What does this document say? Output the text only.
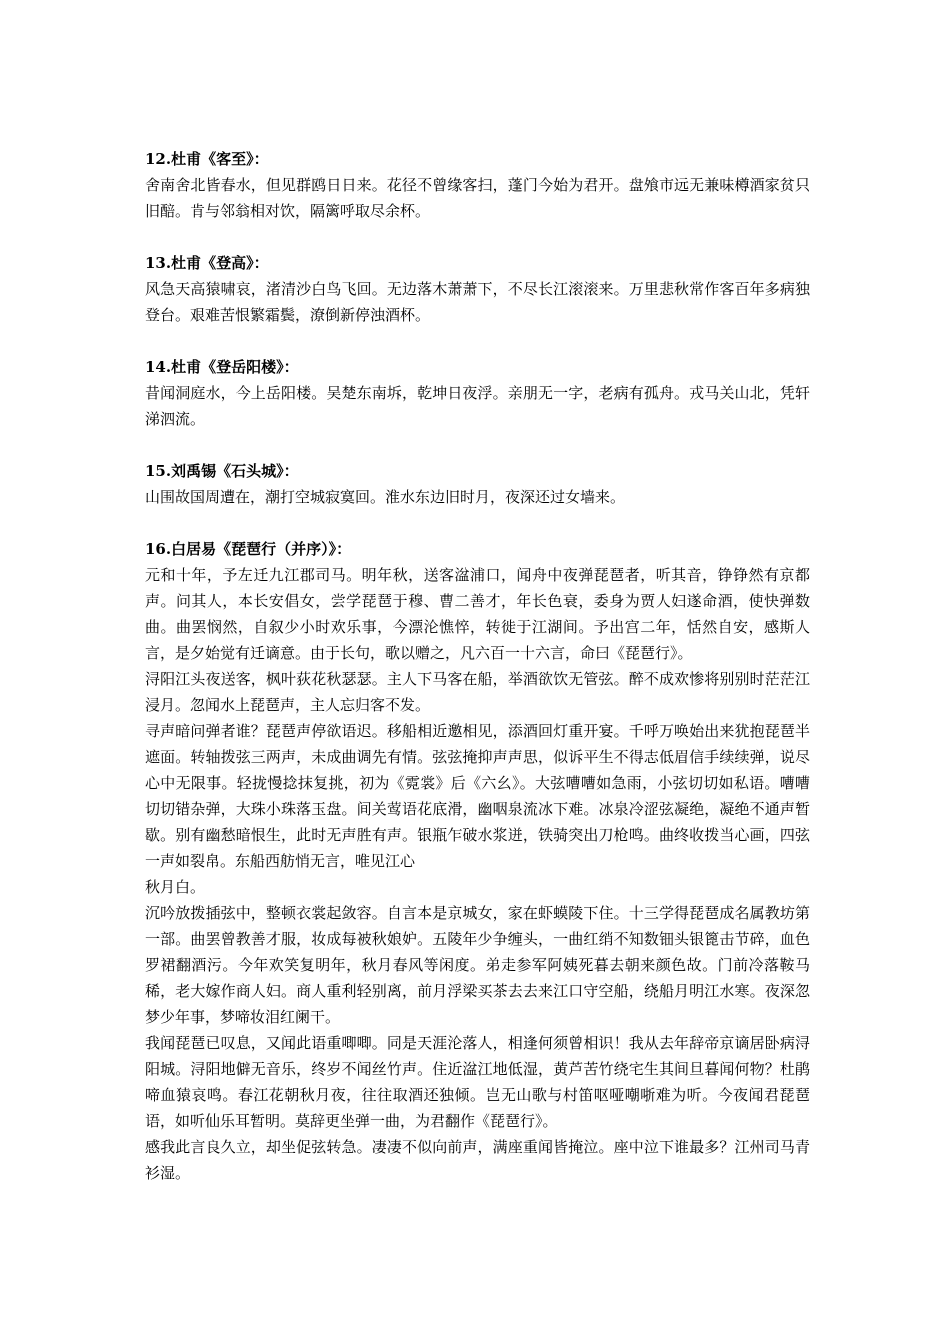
12.杜甫《客至》：
舍南舍北皆春水，但见群鸥日日来。花径不曾缘客扫，蓬门今始为君开。盘飧市远无兼味樽酒家贫只旧醅。肯与邻翁相对饮，隔篱呼取尽余杯。
13.杜甫《登高》：
风急天高猿啸哀，渚清沙白鸟飞回。无边落木萧萧下，不尽长江滚滚来。万里悲秋常作客百年多病独登台。艰难苦恨繁霜鬓，潦倒新停浊酒杯。
14.杜甫《登岳阳楼》：
昔闻洞庭水，今上岳阳楼。吴楚东南坼，乾坤日夜浮。亲朋无一字，老病有孤舟。戎马关山北，凭轩涕泗流。
15.刘禹锡《石头城》：
山围故国周遭在，潮打空城寂寞回。淮水东边旧时月，夜深还过女墙来。
16.白居易《琵琶行（并序）》：
元和十年，予左迁九江郡司马。明年秋，送客湓浦口，闻舟中夜弹琵琶者，听其音，铮铮然有京都声。问其人，本长安倡女，尝学琵琶于穆、曹二善才，年长色衰，委身为贾人妇遂命酒，使快弹数曲。曲罢悯然，自叙少小时欢乐事，今漂沦憔悴，转徙于江湖间。予出宫二年，恬然自安，感斯人言，是夕始觉有迁谪意。由于长句，歌以赠之，凡六百一十六言，命曰《琵琶行》。
浔阳江头夜送客，枫叶荻花秋瑟瑟。主人下马客在船，举酒欲饮无管弦。醉不成欢惨将别别时茫茫江浸月。忽闻水上琵琶声，主人忘归客不发。
寻声暗问弹者谁？琵琶声停欲语迟。移船相近邀相见，添酒回灯重开宴。千呼万唤始出来犹抱琵琶半遮面。转轴拨弦三两声，未成曲调先有情。弦弦掩抑声声思，似诉平生不得志低眉信手续续弹，说尽心中无限事。轻拢慢捻抹复挑，初为《霓裳》后《六幺》。大弦嘈嘈如急雨，小弦切切如私语。嘈嘈切切错杂弹，大珠小珠落玉盘。间关莺语花底滑，幽咽泉流冰下难。冰泉冷涩弦凝绝，凝绝不通声暂歇。别有幽愁暗恨生，此时无声胜有声。银瓶乍破水浆迸，铁骑突出刀枪鸣。曲终收拨当心画，四弦一声如裂帛。东船西舫悄无言，唯见江心
秋月白。
沉吟放拨插弦中，整顿衣裳起敛容。自言本是京城女，家在虾蟆陵下住。十三学得琵琶成名属教坊第一部。曲罢曾教善才服，妆成每被秋娘妒。五陵年少争缠头，一曲红绡不知数钿头银篦击节碎，血色罗裙翻酒污。今年欢笑复明年，秋月春风等闲度。弟走参军阿姨死暮去朝来颜色故。门前冷落鞍马稀，老大嫁作商人妇。商人重利轻别离，前月浮梁买茶去去来江口守空船，绕船月明江水寒。夜深忽梦少年事，梦啼妆泪红阑干。
我闻琵琶已叹息，又闻此语重唧唧。同是天涯沦落人，相逢何须曾相识！我从去年辞帝京谪居卧病浔阳城。浔阳地僻无音乐，终岁不闻丝竹声。住近湓江地低湿，黄芦苦竹绕宅生其间旦暮闻何物？杜鹃啼血猿哀鸣。春江花朝秋月夜，往往取酒还独倾。岂无山歌与村笛呕哑嘲哳难为听。今夜闻君琵琶语，如听仙乐耳暂明。莫辞更坐弹一曲，为君翻作《琵琶行》。
感我此言良久立，却坐促弦转急。凄凄不似向前声，满座重闻皆掩泣。座中泣下谁最多？江州司马青衫湿。
